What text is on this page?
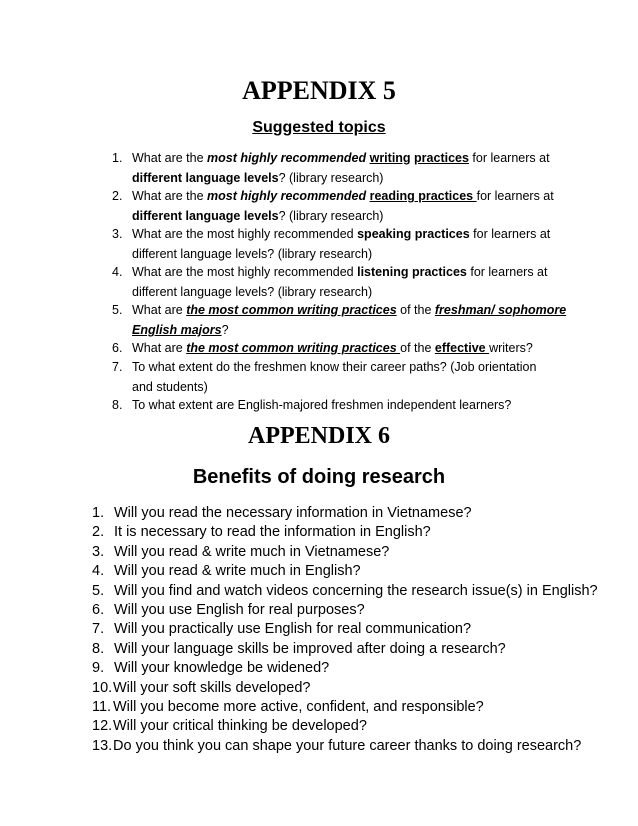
APPENDIX 5
Suggested topics
1. What are the most highly recommended writing practices for learners at
different language levels? (library research)
2. What are the most highly recommended reading practices for learners at
different language levels? (library research)
3. What are the most highly recommended speaking practices for learners at
different language levels? (library research)
4. What are the most highly recommended listening practices for learners at
different language levels? (library research)
5. What are the most common writing practices of the freshman/ sophomore
English majors?
6. What are the most common writing practices of the effective writers?
7. To what extent do the freshmen know their career paths? (Job orientation
and students)
8. To what extent are English-majored freshmen independent learners?
APPENDIX 6
Benefits of doing research
1. Will you read the necessary information in Vietnamese?
2. It is necessary to read the information in English?
3. Will you read & write much in Vietnamese?
4. Will you read & write much in English?
5. Will you find and watch videos concerning the research issue(s) in English?
6. Will you use English for real purposes?
7. Will you practically use English for real communication?
8. Will your language skills be improved after doing a research?
9. Will your knowledge be widened?
10. Will your soft skills developed?
11. Will you become more active, confident, and responsible?
12. Will your critical thinking be developed?
13. Do you think you can shape your future career thanks to doing research?
